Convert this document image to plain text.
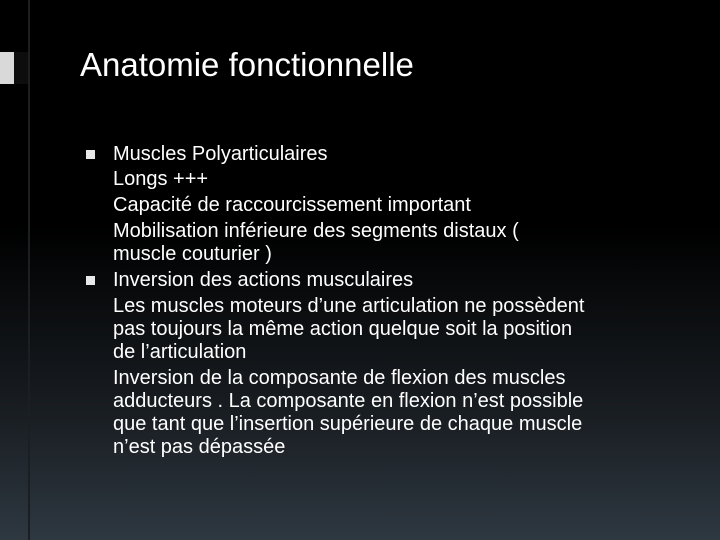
Anatomie fonctionnelle
Muscles Polyarticulaires
Longs +++
Capacité de raccourcissement important
Mobilisation inférieure des segments distaux (
muscle couturier )
Inversion des actions musculaires
Les muscles moteurs d’une articulation ne possèdent
pas toujours la même action quelque soit la position
de l’articulation
Inversion de la composante de flexion des muscles
adducteurs . La composante en flexion n’est possible
que tant que l’insertion supérieure de chaque muscle
n’est pas dépassée
